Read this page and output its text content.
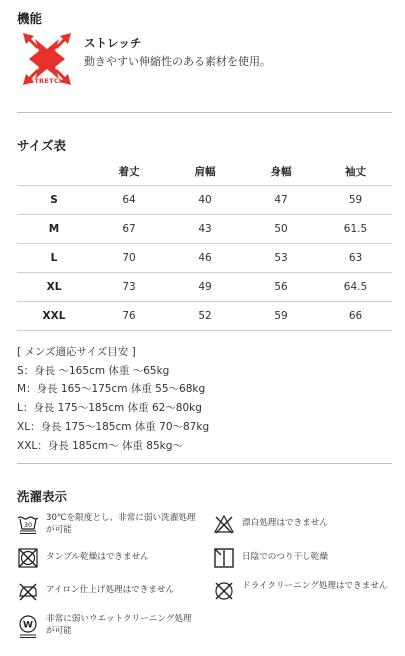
機能
STRETCH
ストレッチ
動きやすい伸縮性のある素材を使用。
サイズ表
	着丈	肩幅	身幅	袖丈
S	64	40	47	59
M	67	43	50	61.5
L	70	46	53	63
XL	73	49	56	64.5
XXL	76	52	59	66
[ メンズ適応サイズ目安 ]
S：身長 〜165cm 体重 〜65kg
M：身長 165〜175cm 体重 55〜68kg
L：身長 175〜185cm 体重 62〜80kg
XL：身長 175〜185cm 体重 70〜87kg
XXL：身長 185cm〜 体重 85kg〜
洗濯表示
30
30℃を限度とし、非常に弱い洗濯処理が可能
漂白処理はできません
タンブル乾燥はできません	日陰でのつり干し乾燥
アイロン仕上げ処理はできません	ドライクリーニング処理はできません
W
非常に弱いウエットクリーニング処理が可能
